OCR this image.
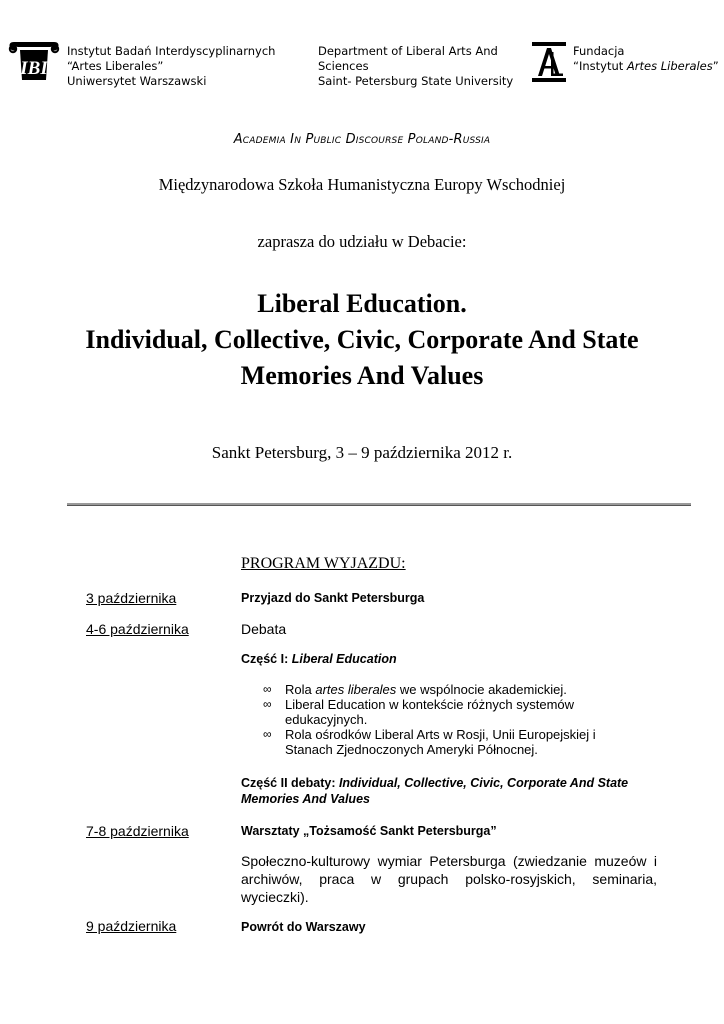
IBI
Instytut Badań Interdyscyplinarnych
“Artes Liberales”
Uniwersytet Warszawski
Department of Liberal Arts And
Sciences
Saint- Petersburg State University
Fundacja
“Instytut Artes Liberales”
Academia In Public Discourse Poland-Russia
Międzynarodowa Szkoła Humanistyczna Europy Wschodniej
zaprasza do udziału w Debacie:
Liberal Education.
Individual, Collective, Civic, Corporate And State
Memories And Values
Sankt Petersburg, 3 – 9 października 2012 r.
PROGRAM WYJAZDU:
3 października	Przyjazd do Sankt Petersburga
4-6 października	Debata
Część I: Liberal Education
∞ Rola artes liberales we wspólnocie akademickiej.
∞ Liberal Education w kontekście różnych systemów edukacyjnych.
∞ Rola ośrodków Liberal Arts w Rosji, Unii Europejskiej i Stanach Zjednoczonych Ameryki Północnej.
Część II debaty: Individual, Collective, Civic, Corporate And State Memories And Values
7-8 października	Warsztaty „Tożsamość Sankt Petersburga”
Społeczno-kulturowy wymiar Petersburga (zwiedzanie muzeów i archiwów, praca w grupach polsko-rosyjskich, seminaria, wycieczki).
9 października	Powrót do Warszawy
